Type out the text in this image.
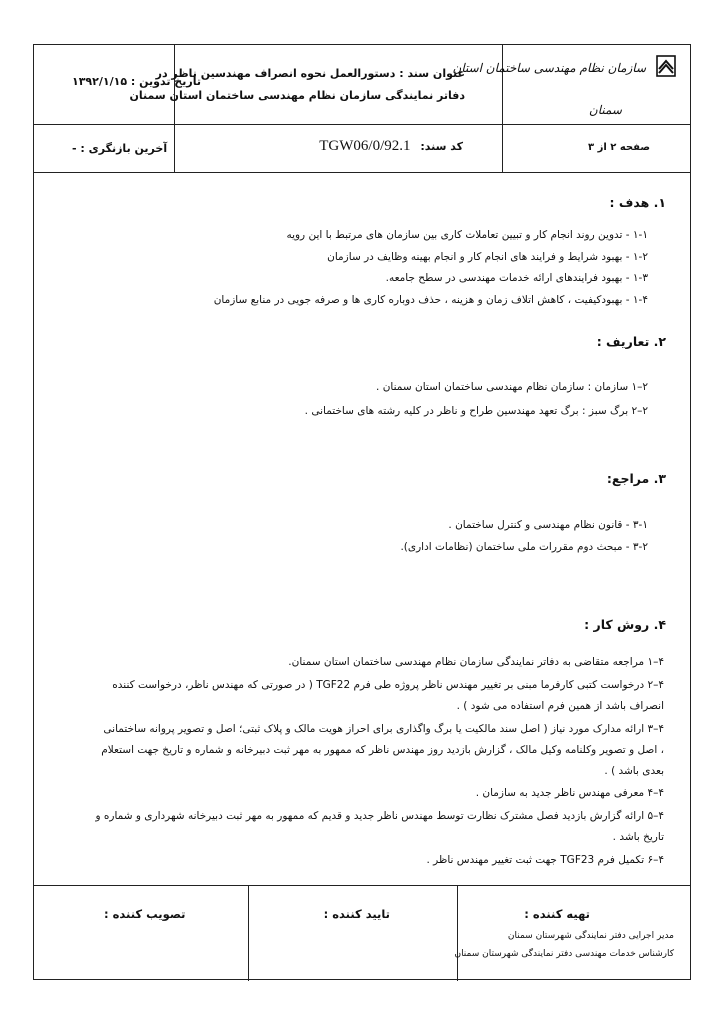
سازمان نظام مهندسی ساختمان استان
سمنان
عنوان سند : دستورالعمل نحوه انصراف مهندسین ناظر در
دفاتر نمایندگی سازمان نظام مهندسی ساختمان استان سمنان
تاریخ تدوین : ۱۳۹۲/۱/۱۵
صفحه ۲ از ۳
کد سند: TGW06/0/92.1
آخرین بازنگری : -
۱. هدف :
۱-۱ - تدوین روند انجام کار و تبیین تعاملات کاری بین سازمان های مرتبط با این رویه
۱-۲ - بهبود شرایط و فرایند های انجام کار و انجام بهینه وظایف در سازمان
۱-۳ - بهبود فرایندهای ارائه خدمات مهندسی در سطح جامعه.
۱-۴ - بهبودکیفیت ، کاهش اتلاف زمان و هزینه ، حذف دوباره کاری ها و صرفه جویی در منابع سازمان
۲. تعاریف :
۲–۱ سازمان : سازمان نظام مهندسی ساختمان استان سمنان .
۲–۲ برگ سبز : برگ تعهد مهندسین طراح و ناظر در کلیه رشته های ساختمانی .
۳. مراجع:
۳-۱ - قانون نظام مهندسی و کنترل ساختمان .
۳-۲ - مبحث دوم مقررات ملی ساختمان (نظامات اداری).
۴. روش کار :
۴–۱ مراجعه متقاضی به دفاتر نمایندگی سازمان نظام مهندسی ساختمان استان سمنان.
۴–۲ درخواست کتبی کارفرما مبنی بر تغییر مهندس ناظر پروژه طی فرم TGF22 ( در صورتی که مهندس ناظر، درخواست کننده
انصراف باشد از همین فرم استفاده می شود ) .
۴–۳ ارائه مدارک مورد نیاز ( اصل سند مالکیت یا برگ واگذاری برای احراز هویت مالک و پلاک ثبتی؛ اصل و تصویر پروانه ساختمانی
، اصل و تصویر وکلنامه وکیل مالک ، گزارش بازدید روز مهندس ناظر که ممهور به مهر ثبت دبیرخانه و شماره و تاریخ جهت استعلام
بعدی باشد ) .
۴–۴ معرفی مهندس ناظر جدید به سازمان .
۴–۵ ارائه گزارش بازدید فصل مشترک نظارت توسط مهندس ناظر جدید و قدیم که ممهور به مهر ثبت دبیرخانه شهرداری و شماره و
تاریخ باشد .
۴–۶ تکمیل فرم TGF23 جهت ثبت تغییر مهندس ناظر .
تهیه کننده :
مدیر اجرایی دفتر نمایندگی شهرستان سمنان
کارشناس خدمات مهندسی دفتر نمایندگی شهرستان سمنان
تایید کننده :
تصویب کننده :
